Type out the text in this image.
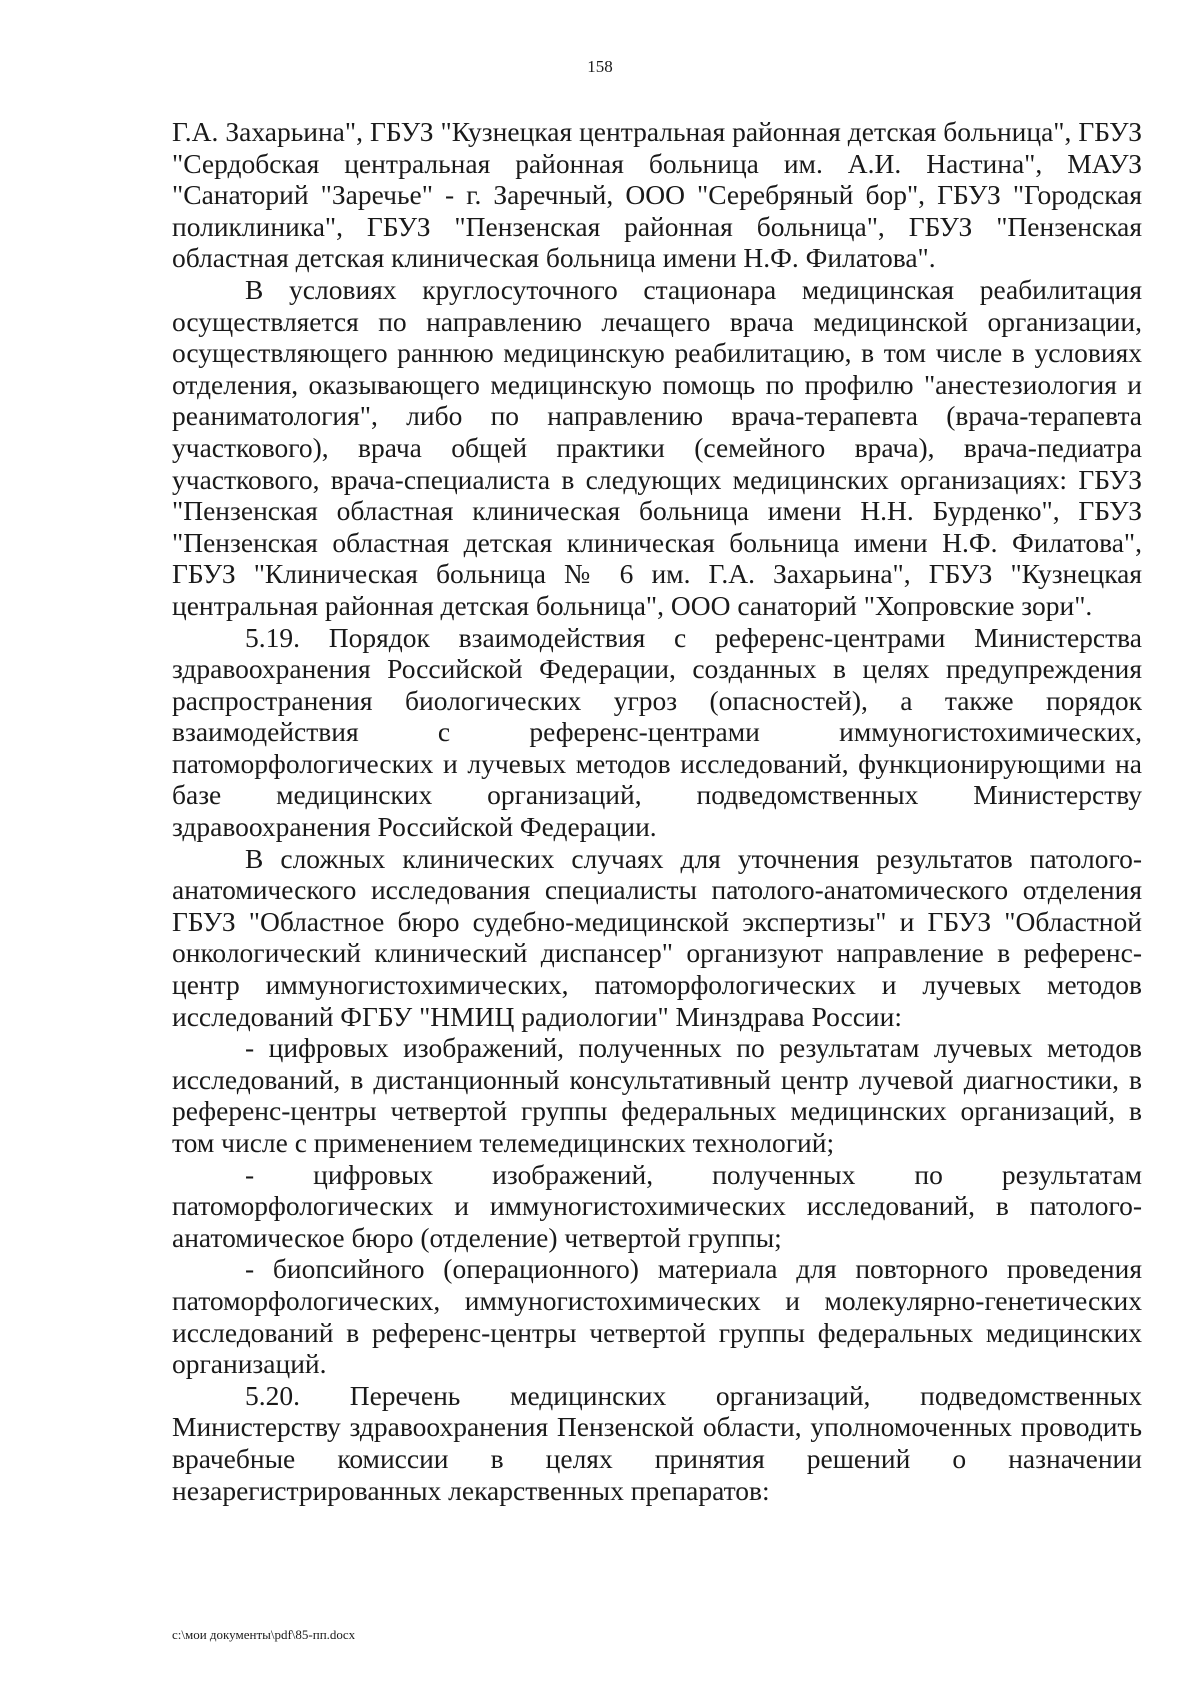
158

Г.А. Захарьина", ГБУЗ "Кузнецкая центральная районная детская больница", ГБУЗ "Сердобская центральная районная больница им. А.И. Настина", МАУЗ "Санаторий "Заречье" - г. Заречный, ООО "Серебряный бор", ГБУЗ "Городская поликлиника", ГБУЗ "Пензенская районная больница", ГБУЗ "Пензенская областная детская клиническая больница имени Н.Ф. Филатова".

В условиях круглосуточного стационара медицинская реабилитация осуществляется по направлению лечащего врача медицинской организации, осуществляющего раннюю медицинскую реабилитацию, в том числе в условиях отделения, оказывающего медицинскую помощь по профилю "анестезиология и реаниматология", либо по направлению врача-терапевта (врача-терапевта участкового), врача общей практики (семейного врача), врача-педиатра участкового, врача-специалиста в следующих медицинских организациях: ГБУЗ "Пензенская областная клиническая больница имени Н.Н. Бурденко", ГБУЗ "Пензенская областная детская клиническая больница имени Н.Ф. Филатова", ГБУЗ "Клиническая больница № 6 им. Г.А. Захарьина", ГБУЗ "Кузнецкая центральная районная детская больница", ООО санаторий "Хопровские зори".

5.19. Порядок взаимодействия с референс-центрами Министерства здравоохранения Российской Федерации, созданных в целях предупреждения распространения биологических угроз (опасностей), а также порядок взаимодействия с референс-центрами иммуногистохимических, патоморфологических и лучевых методов исследований, функционирующими на базе медицинских организаций, подведомственных Министерству здравоохранения Российской Федерации.

В сложных клинических случаях для уточнения результатов патолого-анатомического исследования специалисты патолого-анатомического отделения ГБУЗ "Областное бюро судебно-медицинской экспертизы" и ГБУЗ "Областной онкологический клинический диспансер" организуют направление в референс-центр иммуногистохимических, патоморфологических и лучевых методов исследований ФГБУ "НМИЦ радиологии" Минздрава России:

- цифровых изображений, полученных по результатам лучевых методов исследований, в дистанционный консультативный центр лучевой диагностики, в референс-центры четвертой группы федеральных медицинских организаций, в том числе с применением телемедицинских технологий;

- цифровых изображений, полученных по результатам патоморфологических и иммуногистохимических исследований, в патолого-анатомическое бюро (отделение) четвертой группы;

- биопсийного (операционного) материала для повторного проведения патоморфологических, иммуногистохимических и молекулярно-генетических исследований в референс-центры четвертой группы федеральных медицинских организаций.

5.20. Перечень медицинских организаций, подведомственных Министерству здравоохранения Пензенской области, уполномоченных проводить врачебные комиссии в целях принятия решений о назначении незарегистрированных лекарственных препаратов:

c:\мои документы\pdf\85-пп.docx
